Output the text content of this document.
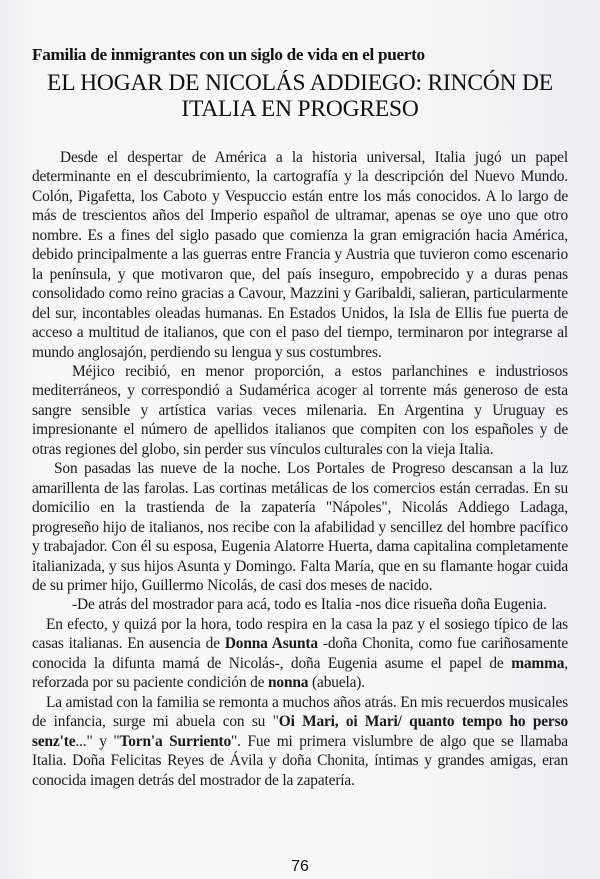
Familia de inmigrantes con un siglo de vida en el puerto
EL HOGAR DE NICOLÁS ADDIEGO: RINCÓN DE
ITALIA EN PROGRESO

Desde el despertar de América a la historia universal, Italia jugó un papel determinante en el descubrimiento, la cartografía y la descripción del Nuevo Mundo. Colón, Pigafetta, los Caboto y Vespuccio están entre los más conocidos. A lo largo de más de trescientos años del Imperio español de ultramar, apenas se oye uno que otro nombre. Es a fines del siglo pasado que comienza la gran emigración hacia América, debido principalmente a las guerras entre Francia y Austria que tuvieron como escenario la península, y que motivaron que, del país inseguro, empobrecido y a duras penas consolidado como reino gracias a Cavour, Mazzini y Garibaldi, salieran, particularmente del sur, incontables oleadas humanas. En Estados Unidos, la Isla de Ellis fue puerta de acceso a multitud de italianos, que con el paso del tiempo, terminaron por integrarse al mundo anglosajón, perdiendo su lengua y sus costumbres.

Méjico recibió, en menor proporción, a estos parlanchines e industriosos mediterráneos, y correspondió a Sudamérica acoger al torrente más generoso de esta sangre sensible y artística varias veces milenaria. En Argentina y Uruguay es impresionante el número de apellidos italianos que compiten con los españoles y de otras regiones del globo, sin perder sus vínculos culturales con la vieja Italia.

Son pasadas las nueve de la noche. Los Portales de Progreso descansan a la luz amarillenta de las farolas. Las cortinas metálicas de los comercios están cerradas. En su domicilio en la trastienda de la zapatería "Nápoles", Nicolás Addiego Ladaga, progreseño hijo de italianos, nos recibe con la afabilidad y sencillez del hombre pacífico y trabajador. Con él su esposa, Eugenia Alatorre Huerta, dama capitalina completamente italianizada, y sus hijos Asunta y Domingo. Falta María, que en su flamante hogar cuida de su primer hijo, Guillermo Nicolás, de casi dos meses de nacido.

-De atrás del mostrador para acá, todo es Italia -nos dice risueña doña Eugenia.

En efecto, y quizá por la hora, todo respira en la casa la paz y el sosiego típico de las casas italianas. En ausencia de Donna Asunta -doña Chonita, como fue cariñosamente conocida la difunta mamá de Nicolás-, doña Eugenia asume el papel de mamma, reforzada por su paciente condición de nonna (abuela).

La amistad con la familia se remonta a muchos años atrás. En mis recuerdos musicales de infancia, surge mi abuela con su "Oi Mari, oi Mari/ quanto tempo ho perso senz'te..." y "Torn'a Surriento". Fue mi primera vislumbre de algo que se llamaba Italia. Doña Felicitas Reyes de Ávila y doña Chonita, íntimas y grandes amigas, eran conocida imagen detrás del mostrador de la zapatería.

76
